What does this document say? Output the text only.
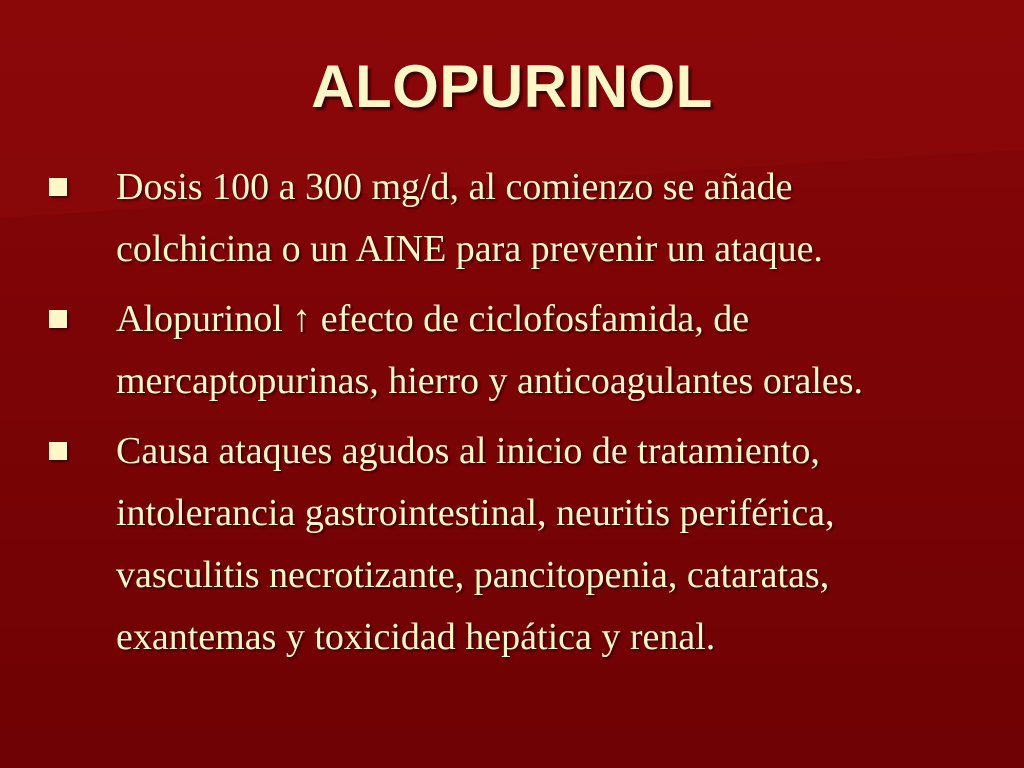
ALOPURINOL
Dosis 100 a 300 mg/d, al comienzo se añade
colchicina o un AINE para prevenir un ataque.
Alopurinol ↑ efecto de ciclofosfamida, de
mercaptopurinas, hierro y anticoagulantes orales.
Causa ataques agudos al inicio de tratamiento,
intolerancia gastrointestinal, neuritis periférica,
vasculitis necrotizante, pancitopenia, cataratas,
exantemas y toxicidad hepática y renal.
